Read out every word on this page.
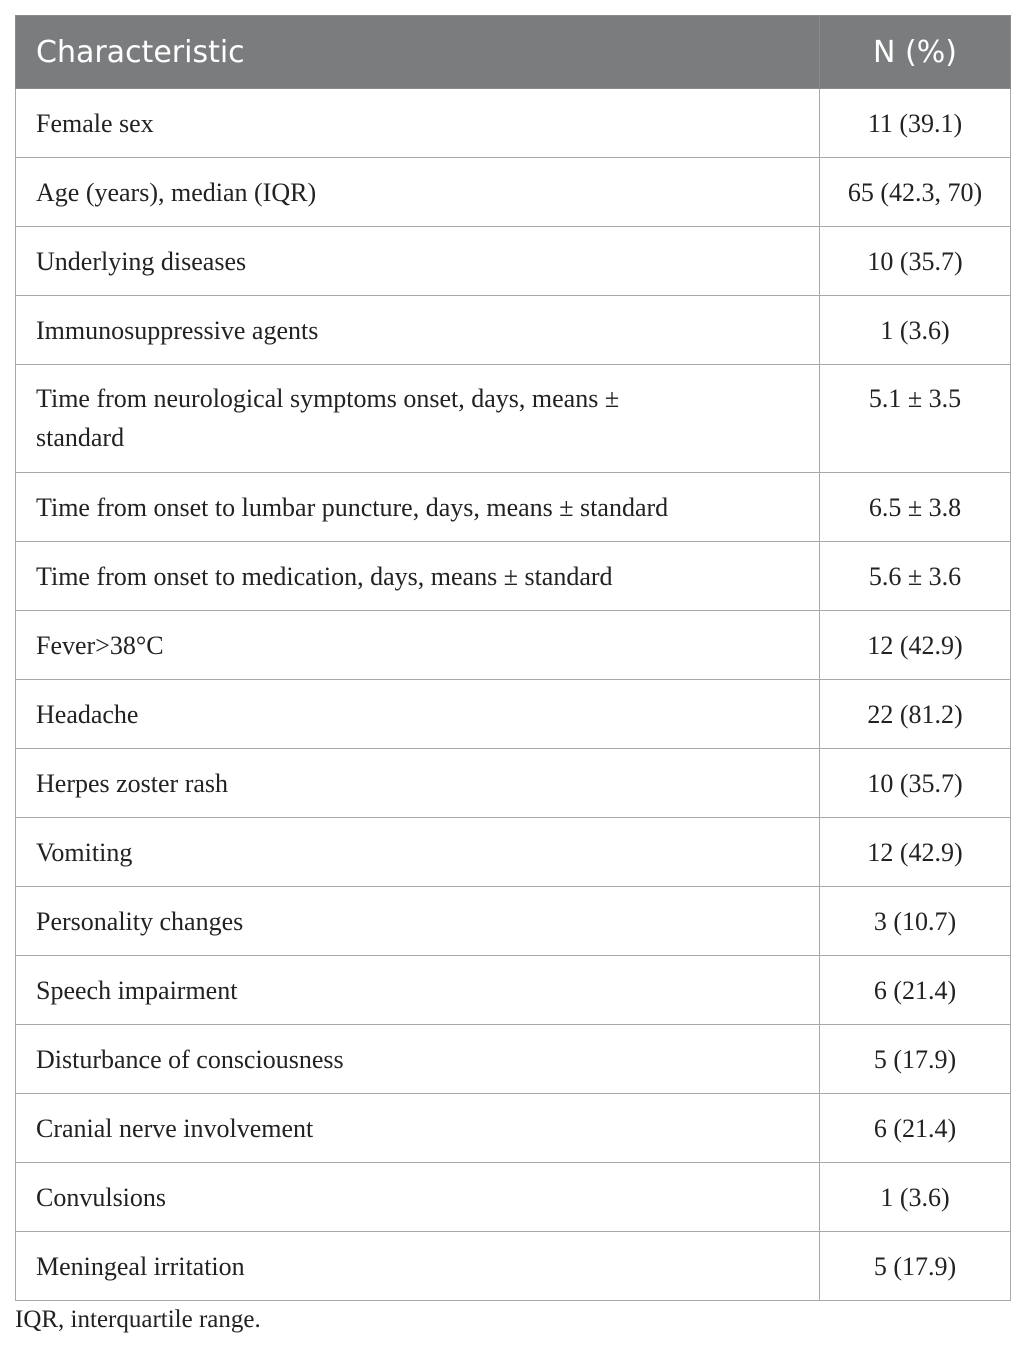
Characteristic	N (%)
Female sex	11 (39.1)
Age (years), median (IQR)	65 (42.3, 70)
Underlying diseases	10 (35.7)
Immunosuppressive agents	1 (3.6)

Time from neurological symptoms onset, days, means ± standard	5.1 ± 3.5
Time from onset to lumbar puncture, days, means ± standard	6.5 ± 3.8
Time from onset to medication, days, means ± standard	5.6 ± 3.6
Fever>38°C	12 (42.9)
Headache	22 (81.2)
Herpes zoster rash	10 (35.7)
Vomiting	12 (42.9)
Personality changes	3 (10.7)
Speech impairment	6 (21.4)
Disturbance of consciousness	5 (17.9)
Cranial nerve involvement	6 (21.4)
Convulsions	1 (3.6)
Meningeal irritation	5 (17.9)
IQR, interquartile range.
